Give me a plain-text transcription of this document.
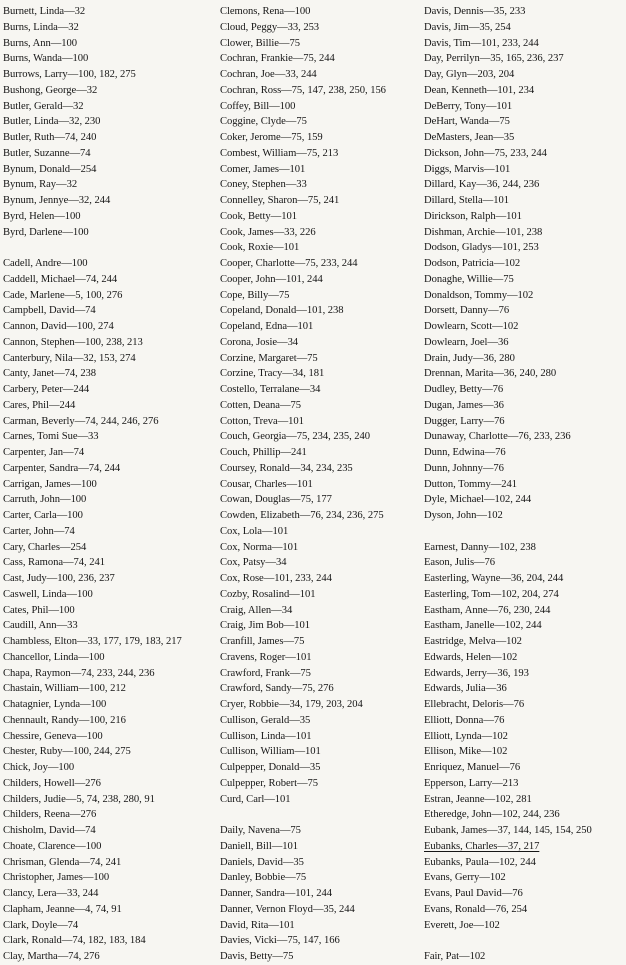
Burnett, Linda—32
Burns, Linda—32
Burns, Ann—100
Burns, Wanda—100
Burrows, Larry—100, 182, 275
Bushong, George—32
Butler, Gerald—32
Butler, Linda—32, 230
Butler, Ruth—74, 240
Butler, Suzanne—74
Bynum, Donald—254
Bynum, Ray—32
Bynum, Jennye—32, 244
Byrd, Helen—100
Byrd, Darlene—100
Cadell, Andre—100
Caddell, Michael—74, 244
Cade, Marlene—5, 100, 276
Campbell, David—74
Cannon, David—100, 274
Cannon, Stephen—100, 238, 213
Canterbury, Nila—32, 153, 274
Canty, Janet—74, 238
Carbery, Peter—244
Cares, Phil—244
Carman, Beverly—74, 244, 246, 276
Carnes, Tomi Sue—33
Carpenter, Jan—74
Carpenter, Sandra—74, 244
Carrigan, James—100
Carruth, John—100
Carter, Carla—100
Carter, John—74
Cary, Charles—254
Cass, Ramona—74, 241
Cast, Judy—100, 236, 237
Caswell, Linda—100
Cates, Phil—100
Caudill, Ann—33
Chambless, Elton—33, 177, 179, 183, 217
Chancellor, Linda—100
Chapa, Raymon—74, 233, 244, 236
Chastain, William—100, 212
Chatagnier, Lynda—100
Chennault, Randy—100, 216
Chessire, Geneva—100
Chester, Ruby—100, 244, 275
Chick, Joy—100
Childers, Howell—276
Childers, Judie—5, 74, 238, 280, 91
Childers, Reena—276
Chisholm, David—74
Choate, Clarence—100
Chrisman, Glenda—74, 241
Christopher, James—100
Clancy, Lera—33, 244
Clapham, Jeanne—4, 74, 91
Clark, Doyle—74
Clark, Ronald—74, 182, 183, 184
Clay, Martha—74, 276
Clemons, Rena—100
Cloud, Peggy—33, 253
Clower, Billie—75
Cochran, Frankie—75, 244
Cochran, Joe—33, 244
Cochran, Ross—75, 147, 238, 250, 156
Coffey, Bill—100
Coggine, Clyde—75
Coker, Jerome—75, 159
Combest, William—75, 213
Comer, James—101
Coney, Stephen—33
Connelley, Sharon—75, 241
Cook, Betty—101
Cook, James—33, 226
Cook, Roxie—101
Cooper, Charlotte—75, 233, 244
Cooper, John—101, 244
Cope, Billy—75
Copeland, Donald—101, 238
Copeland, Edna—101
Corona, Josie—34
Corzine, Margaret—75
Corzine, Tracy—34, 181
Costello, Terralane—34
Cotten, Deana—75
Cotton, Treva—101
Couch, Georgia—75, 234, 235, 240
Couch, Phillip—241
Coursey, Ronald—34, 234, 235
Cousar, Charles—101
Cowan, Douglas—75, 177
Cowden, Elizabeth—76, 234, 236, 275
Cox, Lola—101
Cox, Norma—101
Cox, Patsy—34
Cox, Rose—101, 233, 244
Cozby, Rosalind—101
Craig, Allen—34
Craig, Jim Bob—101
Cranfill, James—75
Cravens, Roger—101
Crawford, Frank—75
Crawford, Sandy—75, 276
Cryer, Robbie—34, 179, 203, 204
Cullison, Gerald—35
Cullison, Linda—101
Cullison, William—101
Culpepper, Donald—35
Culpepper, Robert—75
Curd, Carl—101
Daily, Navena—75
Daniell, Bill—101
Daniels, David—35
Danley, Bobbie—75
Danner, Sandra—101, 244
Danner, Vernon Floyd—35, 244
David, Rita—101
Davies, Vicki—75, 147, 166
Davis, Betty—75
Davis, Dennis—35, 233
Davis, Jim—35, 254
Davis, Tim—101, 233, 244
Day, Perrilyn—35, 165, 236, 237
Day, Glyn—203, 204
Dean, Kenneth—101, 234
DeBerry, Tony—101
DeHart, Wanda—75
DeMasters, Jean—35
Dickson, John—75, 233, 244
Diggs, Marvis—101
Dillard, Kay—36, 244, 236
Dillard, Stella—101
Dirickson, Ralph—101
Dishman, Archie—101, 238
Dodson, Gladys—101, 253
Dodson, Patricia—102
Donaghe, Willie—75
Donaldson, Tommy—102
Dorsett, Danny—76
Dowlearn, Scott—102
Dowlearn, Joel—36
Drain, Judy—36, 280
Drennan, Marita—36, 240, 280
Dudley, Betty—76
Dugan, James—36
Dugger, Larry—76
Dunaway, Charlotte—76, 233, 236
Dunn, Edwina—76
Dunn, Johnny—76
Dutton, Tommy—241
Dyle, Michael—102, 244
Dyson, John—102
Earnest, Danny—102, 238
Eason, Julis—76
Easterling, Wayne—36, 204, 244
Easterling, Tom—102, 204, 274
Eastham, Anne—76, 230, 244
Eastham, Janelle—102, 244
Eastridge, Melva—102
Edwards, Helen—102
Edwards, Jerry—36, 193
Edwards, Julia—36
Ellebracht, Deloris—76
Elliott, Donna—76
Elliott, Lynda—102
Ellison, Mike—102
Enriquez, Manuel—76
Epperson, Larry—213
Estran, Jeanne—102, 281
Etheredge, John—102, 244, 236
Eubank, James—37, 144, 145, 154, 250
Eubanks, Charles—37, 217
Eubanks, Paula—102, 244
Evans, Gerry—102
Evans, Paul David—76
Evans, Ronald—76, 254
Everett, Joe—102
Fair, Pat—102
